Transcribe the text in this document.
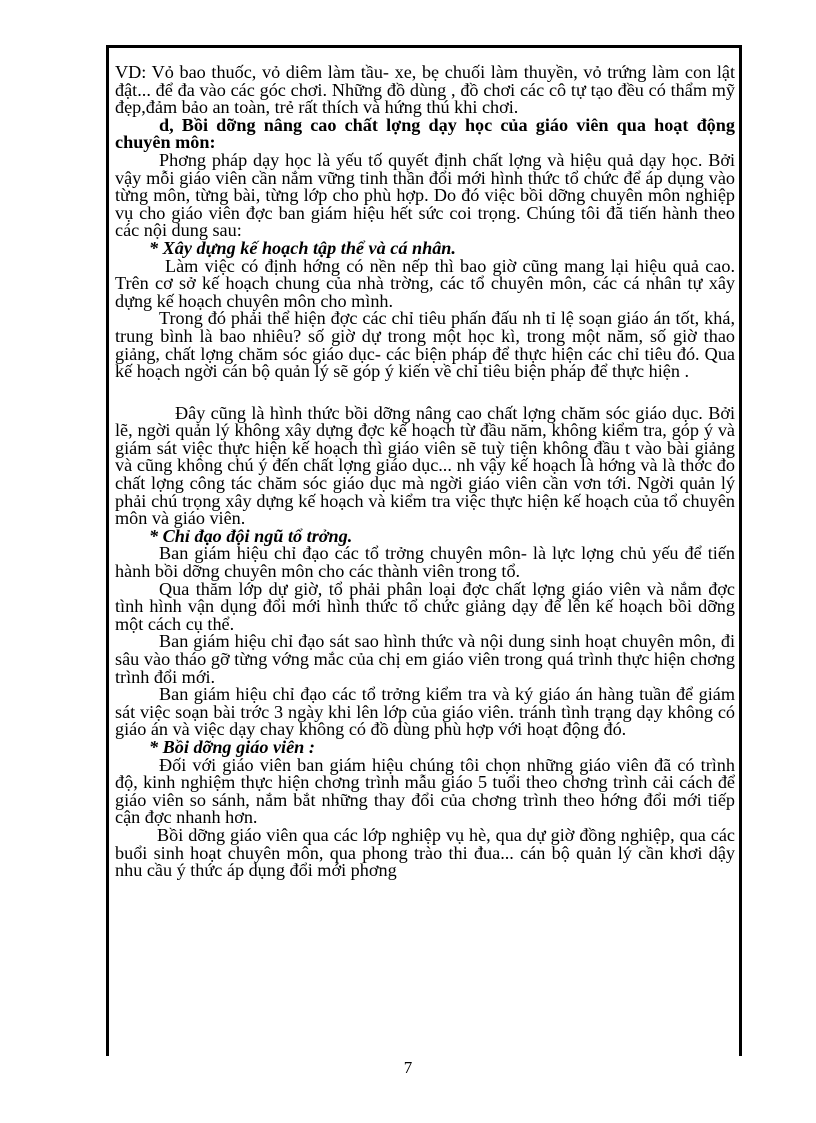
VD: Vỏ bao thuốc, vỏ diêm làm tầu- xe, bẹ chuối làm thuyền, vỏ trứng làm con lật đật... để đa vào các góc chơi. Những đồ dùng , đồ chơi các cô tự tạo đều có thẩm mỹ đẹp,đảm bảo an toàn, trẻ rất thích và hứng thú khi chơi.

d, Bồi dỡng nâng cao chất lợng dạy học của giáo viên qua hoạt động chuyên môn:

Phơng pháp dạy học là yếu tố quyết định chất lợng và hiệu quả dạy học. Bởi vậy mỗi giáo viên cần nắm vững tinh thần đổi mới hình thức tổ chức để áp dụng vào từng môn, từng bài, từng lớp cho phù hợp. Do đó việc bồi dỡng chuyên môn nghiệp vụ cho giáo viên đợc ban giám hiệu hết sức coi trọng. Chúng tôi đã tiến hành theo các nội dung sau:

* Xây dựng kế hoạch tập thể và cá nhân.

Làm việc có định hớng có nền nếp thì bao giờ cũng mang lại hiệu quả cao. Trên cơ sở kế hoạch chung của nhà trờng, các tổ chuyên môn, các cá nhân tự xây dựng kế hoạch chuyên môn cho mình.

Trong đó phải thể hiện đợc các chỉ tiêu phấn đấu nh tỉ lệ soạn giáo án tốt, khá, trung bình là bao nhiêu? số giờ dự trong một học kì, trong một năm, số giờ thao giảng, chất lợng chăm sóc giáo dục- các biện pháp để thực hiện các chỉ tiêu đó. Qua kế hoạch ngời cán bộ quản lý sẽ góp ý kiến về chỉ tiêu biện pháp để thực hiện .

Đây cũng là hình thức bồi dỡng nâng cao chất lợng chăm sóc giáo dục. Bởi lẽ, ngời quản lý không xây dựng đợc kế hoạch từ đầu năm, không kiểm tra, góp ý và giám sát việc thực hiện kế hoạch thì giáo viên sẽ tuỳ tiện không đầu t vào bài giảng và cũng không chú ý đến chất lợng giáo dục... nh vậy kế hoạch là hớng và là thớc đo chất lợng công tác chăm sóc giáo dục mà ngời giáo viên cần vơn tới. Ngời quản lý phải chú trọng xây dựng kế hoạch và kiểm tra việc thực hiện kế hoạch của tổ chuyên môn và giáo viên.

* Chỉ đạo đội ngũ tổ trởng.

Ban giám hiệu chỉ đạo các tổ trởng chuyên môn- là lực lợng chủ yếu để tiến hành bồi dỡng chuyên môn cho các thành viên trong tổ.

Qua thăm lớp dự giờ, tổ phải phân loại đợc chất lợng giáo viên và nắm đợc tình hình vận dụng đổi mới hình thức tổ chức giảng dạy để lên kế hoạch bồi dỡng một cách cụ thể.

Ban giám hiệu chỉ đạo sát sao hình thức và nội dung sinh hoạt chuyên môn, đi sâu vào tháo gỡ từng vớng mắc của chị em giáo viên trong quá trình thực hiện chơng trình đổi mới.

Ban giám hiệu chỉ đạo các tổ trởng kiểm tra và ký giáo án hàng tuần để giám sát việc soạn bài trớc 3 ngày khi lên lớp của giáo viên. tránh tình trạng dạy không có giáo án và việc dạy chay không có đồ dùng phù hợp với hoạt động đó.

* Bồi dỡng giáo viên :

Đối với giáo viên ban giám hiệu chúng tôi chọn những giáo viên đã có trình độ, kinh nghiệm thực hiện chơng trình mẫu giáo 5 tuổi theo chơng trình cải cách để giáo viên so sánh, nắm bắt những thay đổi của chơng trình theo hớng đổi mới tiếp cận đợc nhanh hơn.

Bồi dỡng giáo viên qua các lớp nghiệp vụ hè, qua dự giờ đồng nghiệp, qua các buổi sinh hoạt chuyên môn, qua phong trào thi đua... cán bộ quản lý cần khơi dậy nhu cầu ý thức áp dụng đổi mới phơng

7
